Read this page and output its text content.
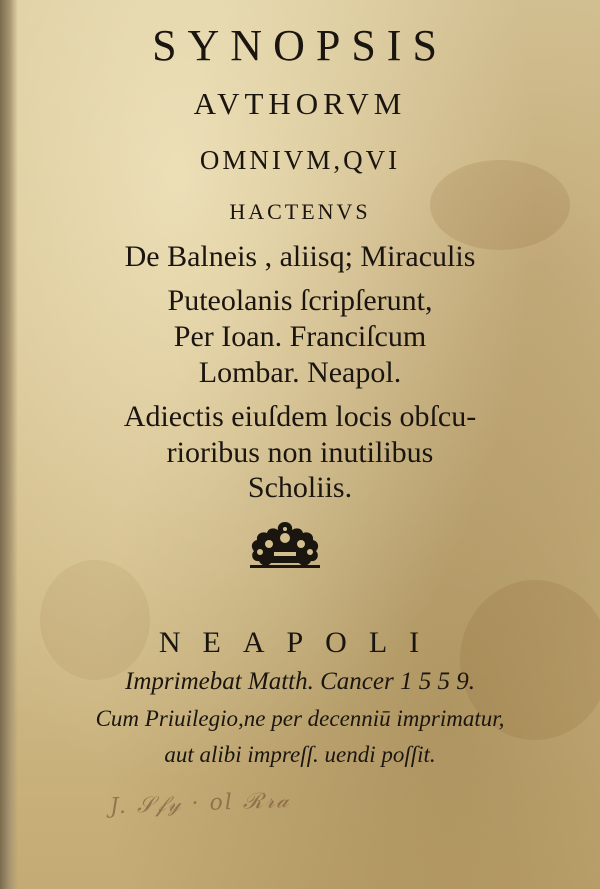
SYNOPSIS

AVTHORVM

OMNIVM,QVI

HACTENVS

De Balneis , aliisq; Miraculis

Puteolanis ſcripſerunt,

Per Ioan. Franciſcum

Lombar. Neapol.

Adiectis eiuſdem locis obſcu-

rioribus non inutilibus

Scholiis.

NEAPOLI

Imprimebat Matth. Cancer 1 5 5 9.

Cum Priuilegio,ne per decenniū imprimatur,

aut alibi impreſſ. uendi poſſit.

J. 𝒮𝒻𝓎 · ol ℛ𝓇𝒶
